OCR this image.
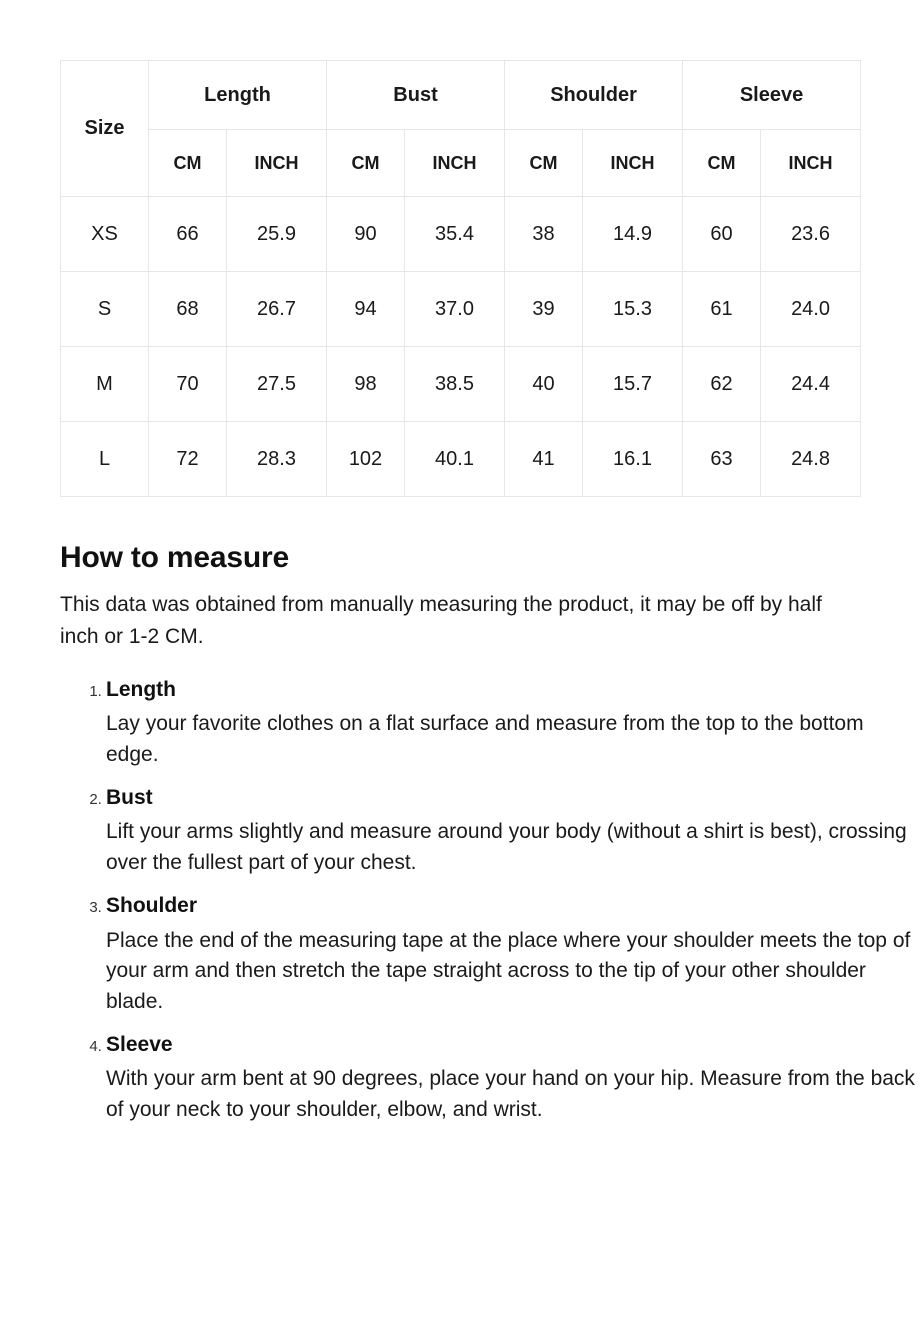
Size	Length		Bust		Shoulder		Sleeve	
	CM	INCH	CM	INCH	CM	INCH	CM	INCH
XS	66	25.9	90	35.4	38	14.9	60	23.6
S	68	26.7	94	37.0	39	15.3	61	24.0
M	70	27.5	98	38.5	40	15.7	62	24.4
L	72	28.3	102	40.1	41	16.1	63	24.8
How to measure

This data was obtained from manually measuring the product, it may be off by half inch or 1-2 CM.

1. Length
Lay your favorite clothes on a flat surface and measure from the top to the bottom edge.
2. Bust
Lift your arms slightly and measure around your body (without a shirt is best), crossing over the fullest part of your chest.
3. Shoulder
Place the end of the measuring tape at the place where your shoulder meets the top of your arm and then stretch the tape straight across to the tip of your other shoulder blade.
4. Sleeve
With your arm bent at 90 degrees, place your hand on your hip. Measure from the back of your neck to your shoulder, elbow, and wrist.
